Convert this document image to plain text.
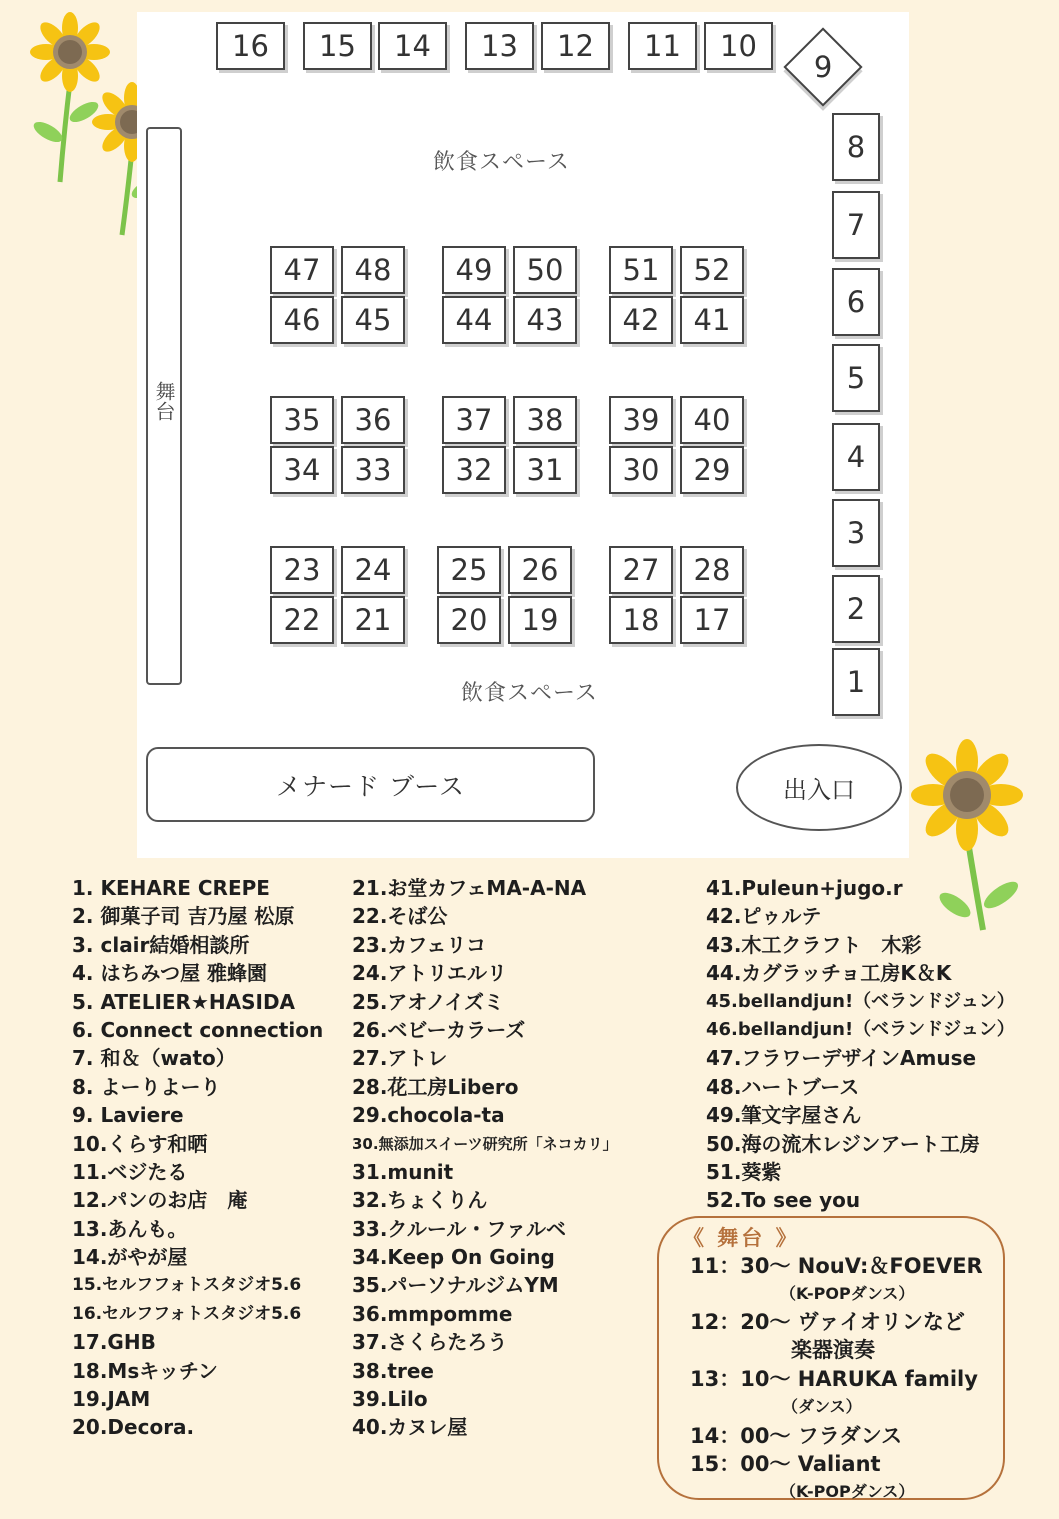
飲食スペース
飲食スペース
舞台
メナード ブース	出入口
16	15	14	13	12	11	10
9
8
7
6
5
4
3
2
1
47	48	49	50	51	52
46	45	44	43	42	41
35	36	37	38	39	40
34	33	32	31	30	29
23	24	25	26	27	28
22	21	20	19	18	17
1. KEHARE CREPE
2. 御菓子司 吉乃屋 松原
3. clair結婚相談所
4. はちみつ屋 雅蜂園
5. ATELIER★HASIDA
6. Connect connection
7. 和＆（wato）
8. よーりよーり
9. Laviere
10.くらす和晒
11.ベジたる
12.パンのお店　庵
13.あんも。
14.がやが屋
15.セルフフォトスタジオ5.6
16.セルフフォトスタジオ5.6
17.GHB
18.Msキッチン
19.JAM
20.Decora.
21.お堂カフェMA-A-NA
22.そば公
23.カフェリコ
24.アトリエルリ
25.アオノイズミ
26.ベビーカラーズ
27.アトレ
28.花工房Libero
29.chocola-ta
30.無添加スイーツ研究所「ネコカリ」
31.munit
32.ちょくりん
33.クルール・ファルベ
34.Keep On Going
35.パーソナルジムYM
36.mmpomme
37.さくらたろう
38.tree
39.Lilo
40.カヌレ屋
41.Puleun+jugo.r
42.ピゥルテ
43.木工クラフト　木彩
44.カグラッチョ工房K＆K
45.bellandjun!（ベランドジュン）
46.bellandjun!（ベランドジュン）
47.フラワーデザインAmuse
48.ハートブース
49.筆文字屋さん
50.海の流木レジンアート工房
51.葵紫
52.To see you
《 舞台 》
11：30～ NouV:＆FOEVER
（K-POPダンス）
12：20～ ヴァイオリンなど
楽器演奏
13：10～ HARUKA family
（ダンス）
14：00～ フラダンス
15：00～ Valiant
（K-POPダンス）
